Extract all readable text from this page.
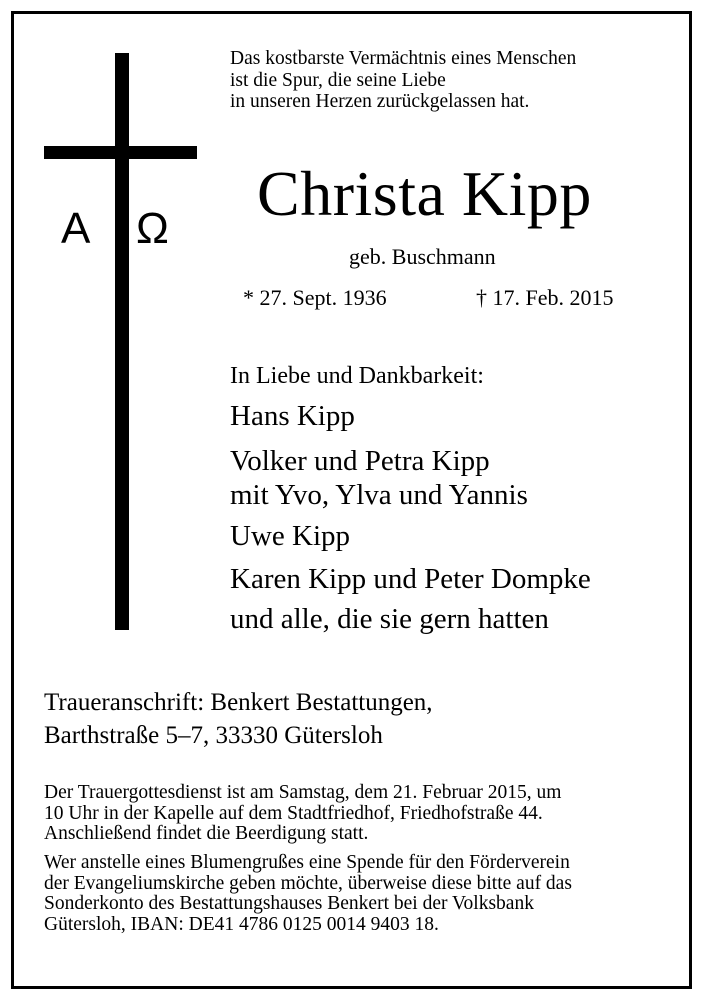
A Ω
Das kostbarste Vermächtnis eines Menschen
ist die Spur, die seine Liebe
in unseren Herzen zurückgelassen hat.
Christa Kipp
geb. Buschmann
* 27. Sept. 1936	† 17. Feb. 2015
In Liebe und Dankbarkeit:
Hans Kipp
Volker und Petra Kipp
mit Yvo, Ylva und Yannis
Uwe Kipp
Karen Kipp und Peter Dompke
und alle, die sie gern hatten
Traueranschrift: Benkert Bestattungen,
Barthstraße 5–7, 33330 Gütersloh
Der Trauergottesdienst ist am Samstag, dem 21. Februar 2015, um
10 Uhr in der Kapelle auf dem Stadtfriedhof, Friedhofstraße 44.
Anschließend findet die Beerdigung statt.
Wer anstelle eines Blumengrußes eine Spende für den Förderverein
der Evangeliumskirche geben möchte, überweise diese bitte auf das
Sonderkonto des Bestattungshauses Benkert bei der Volksbank
Gütersloh, IBAN: DE41 4786 0125 0014 9403 18.
